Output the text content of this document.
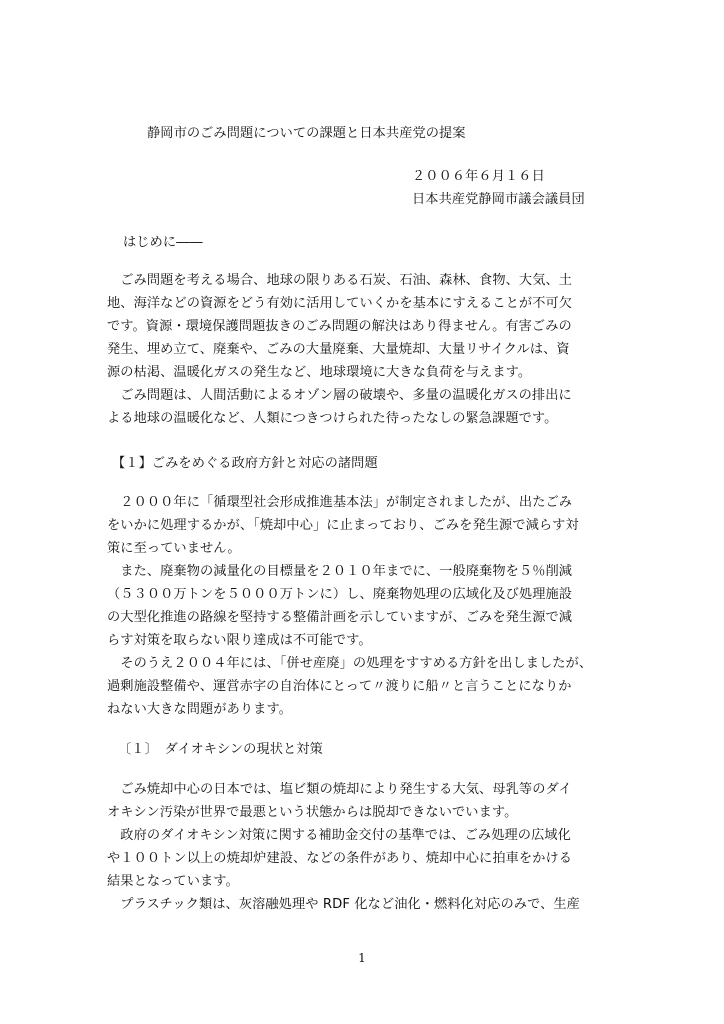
静岡市のごみ問題についての課題と日本共産党の提案

２００６年６月１６日

日本共産党静岡市議会議員団

はじめに――

　ごみ問題を考える場合、地球の限りある石炭、石油、森林、食物、大気、土

地、海洋などの資源をどう有効に活用していくかを基本にすえることが不可欠

です。資源・環境保護問題抜きのごみ問題の解決はあり得ません。有害ごみの

発生、埋め立て、廃棄や、ごみの大量廃棄、大量焼却、大量リサイクルは、資

源の枯渇、温暖化ガスの発生など、地球環境に大きな負荷を与えます。

　ごみ問題は、人間活動によるオゾン層の破壊や、多量の温暖化ガスの排出に

よる地球の温暖化など、人類につきつけられた待ったなしの緊急課題です。

【１】ごみをめぐる政府方針と対応の諸問題

　２０００年に「循環型社会形成推進基本法」が制定されましたが、出たごみ

をいかに処理するかが、「焼却中心」に止まっており、ごみを発生源で減らす対

策に至っていません。

　また、廃棄物の減量化の目標量を２０１０年までに、一般廃棄物を５％削減

（５３００万トンを５０００万トンに）し、廃棄物処理の広域化及び処理施設

の大型化推進の路線を堅持する整備計画を示していますが、ごみを発生源で減

らす対策を取らない限り達成は不可能です。

　そのうえ２００４年には、「併せ産廃」の処理をすすめる方針を出しましたが、

過剰施設整備や、運営赤字の自治体にとって〃渡りに船〃と言うことになりか

ねない大きな問題があります。

〔１〕　ダイオキシンの現状と対策

　ごみ焼却中心の日本では、塩ビ類の焼却により発生する大気、母乳等のダイ

オキシン汚染が世界で最悪という状態からは脱却できないでいます。

　政府のダイオキシン対策に関する補助金交付の基準では、ごみ処理の広域化

や１００トン以上の焼却炉建設、などの条件があり、焼却中心に拍車をかける

結果となっています。

　プラスチック類は、灰溶融処理や RDF 化など油化・燃料化対応のみで、生産

1
